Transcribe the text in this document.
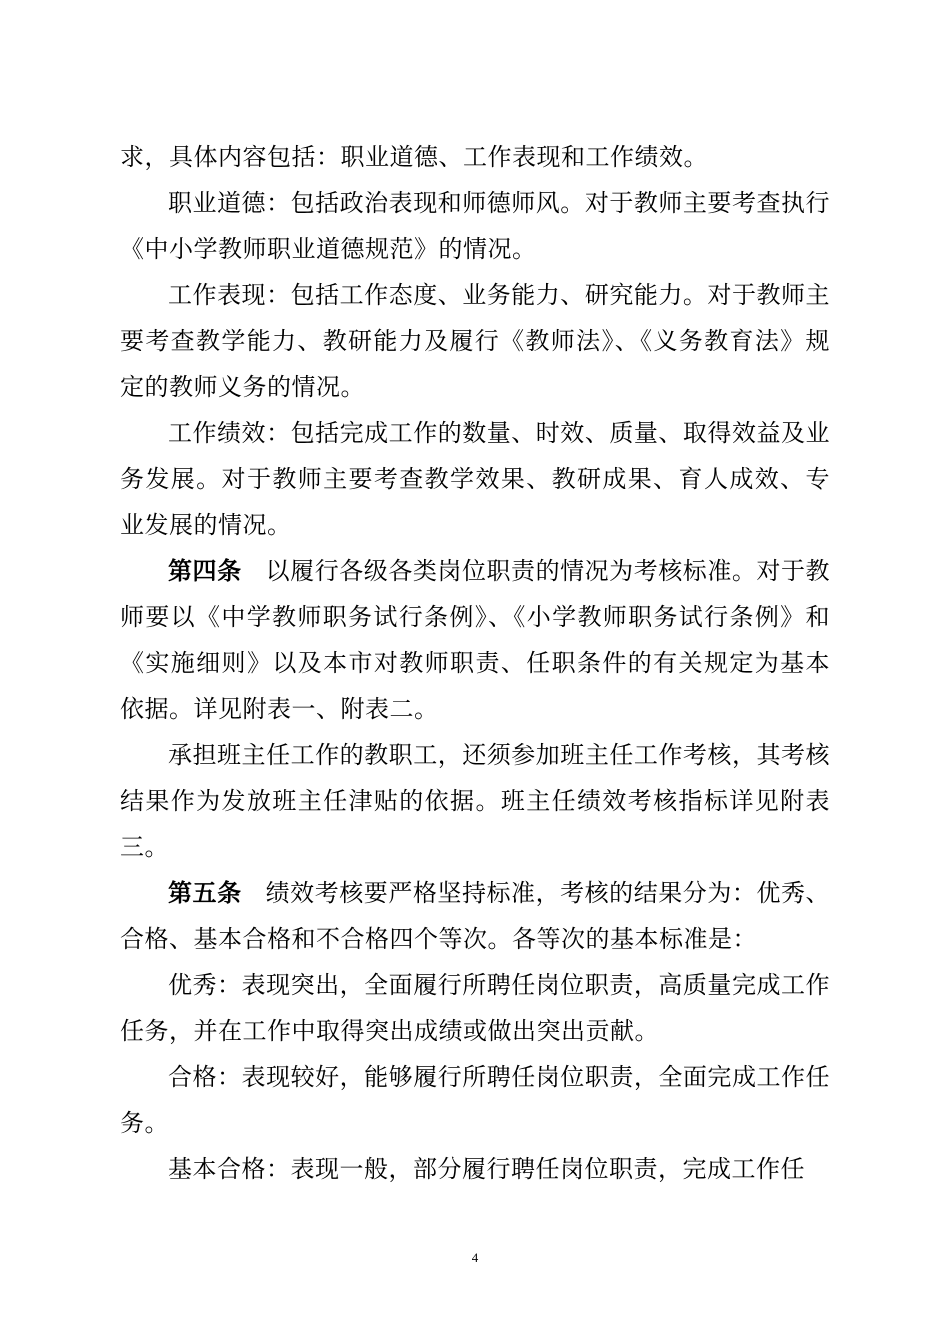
求，具体内容包括：职业道德、工作表现和工作绩效。

职业道德：包括政治表现和师德师风。对于教师主要考查执行《中小学教师职业道德规范》的情况。

工作表现：包括工作态度、业务能力、研究能力。对于教师主要考查教学能力、教研能力及履行《教师法》、《义务教育法》规定的教师义务的情况。

工作绩效：包括完成工作的数量、时效、质量、取得效益及业务发展。对于教师主要考查教学效果、教研成果、育人成效、专业发展的情况。

第四条 以履行各级各类岗位职责的情况为考核标准。对于教师要以《中学教师职务试行条例》、《小学教师职务试行条例》和《实施细则》以及本市对教师职责、任职条件的有关规定为基本依据。详见附表一、附表二。

承担班主任工作的教职工，还须参加班主任工作考核，其考核结果作为发放班主任津贴的依据。班主任绩效考核指标详见附表三。

第五条 绩效考核要严格坚持标准，考核的结果分为：优秀、合格、基本合格和不合格四个等次。各等次的基本标准是：

优秀：表现突出，全面履行所聘任岗位职责，高质量完成工作任务，并在工作中取得突出成绩或做出突出贡献。

合格：表现较好，能够履行所聘任岗位职责，全面完成工作任务。

基本合格：表现一般，部分履行聘任岗位职责，完成工作任

4
